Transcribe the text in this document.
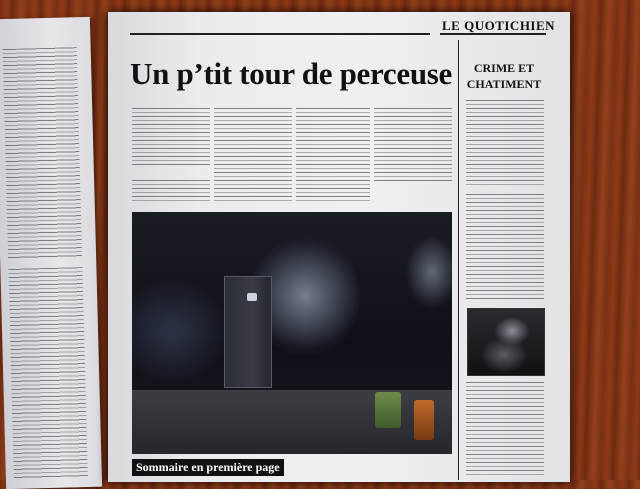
LE QUOTICHIEN
Un p’tit tour de perceuse	CRIME ET CHATIMENT
Sommaire en première page
